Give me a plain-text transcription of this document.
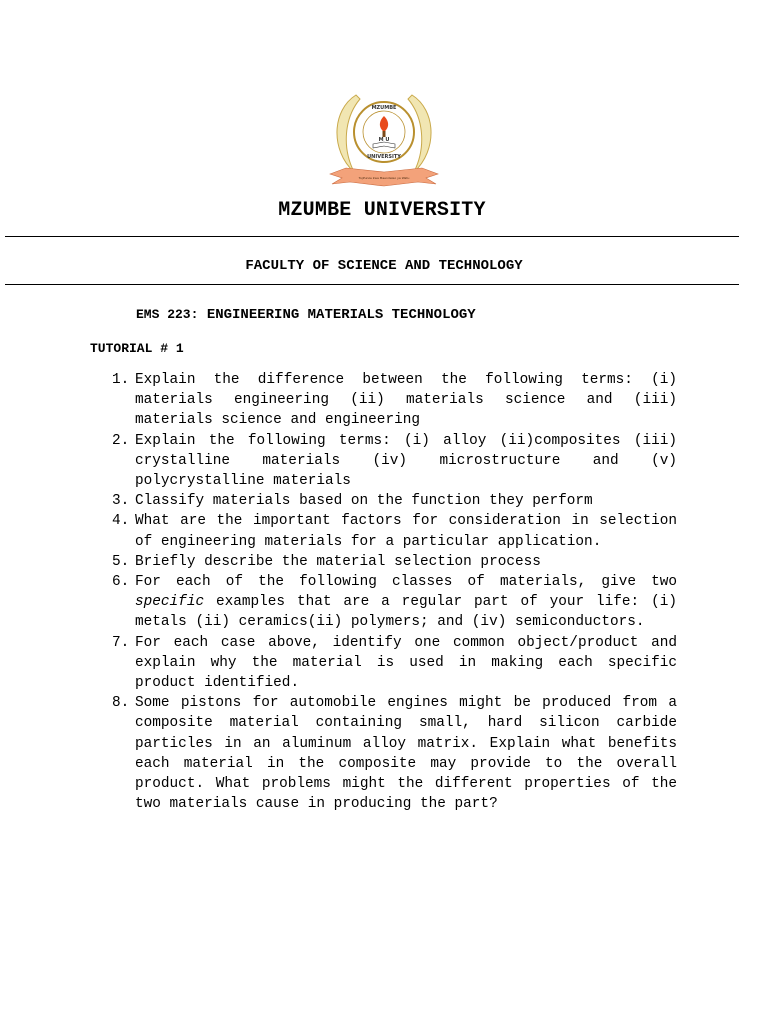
MZUMBE
M U
UNIVERSITY
Tujifunze kwa Maendeleo ya Watu
MZUMBE UNIVERSITY
FACULTY OF SCIENCE AND TECHNOLOGY
EMS 223: ENGINEERING MATERIALS TECHNOLOGY
TUTORIAL # 1
1. Explain the difference between the following terms: (i) materials engineering (ii) materials science and (iii) materials science and engineering
2. Explain the following terms: (i) alloy (ii)composites (iii) crystalline materials (iv) microstructure and (v) polycrystalline materials
3. Classify materials based on the function they perform
4. What are the important factors for consideration in selection of engineering materials for a particular application.
5. Briefly describe the material selection process
6. For each of the following classes of materials, give two specific examples that are a regular part of your life: (i) metals (ii) ceramics(ii) polymers; and (iv) semiconductors.
7. For each case above, identify one common object/product and explain why the material is used in making each specific product identified.
8. Some pistons for automobile engines might be produced from a composite material containing small, hard silicon carbide particles in an aluminum alloy matrix. Explain what benefits each material in the composite may provide to the overall product. What problems might the different properties of the two materials cause in producing the part?
